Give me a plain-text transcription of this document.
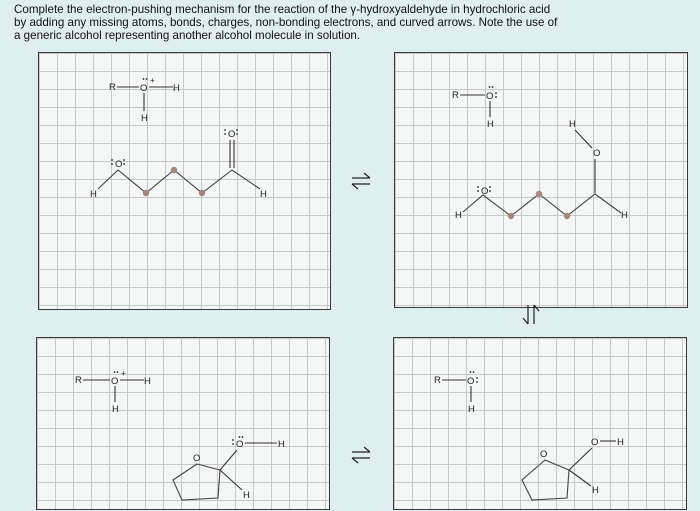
Complete the electron-pushing mechanism for the reaction of the γ-hydroxyaldehyde in hydrochloric acid
by adding any missing atoms, bonds, charges, non-bonding electrons, and curved arrows. Note the use of
a generic alcohol representing another alcohol molecule in solution.
R	O
+
H
H
O
O
H	H
R	O
H	H
O
O
H	H
R	O
+
H
H
O	H
O
H
R	O
H
O H
O
H
